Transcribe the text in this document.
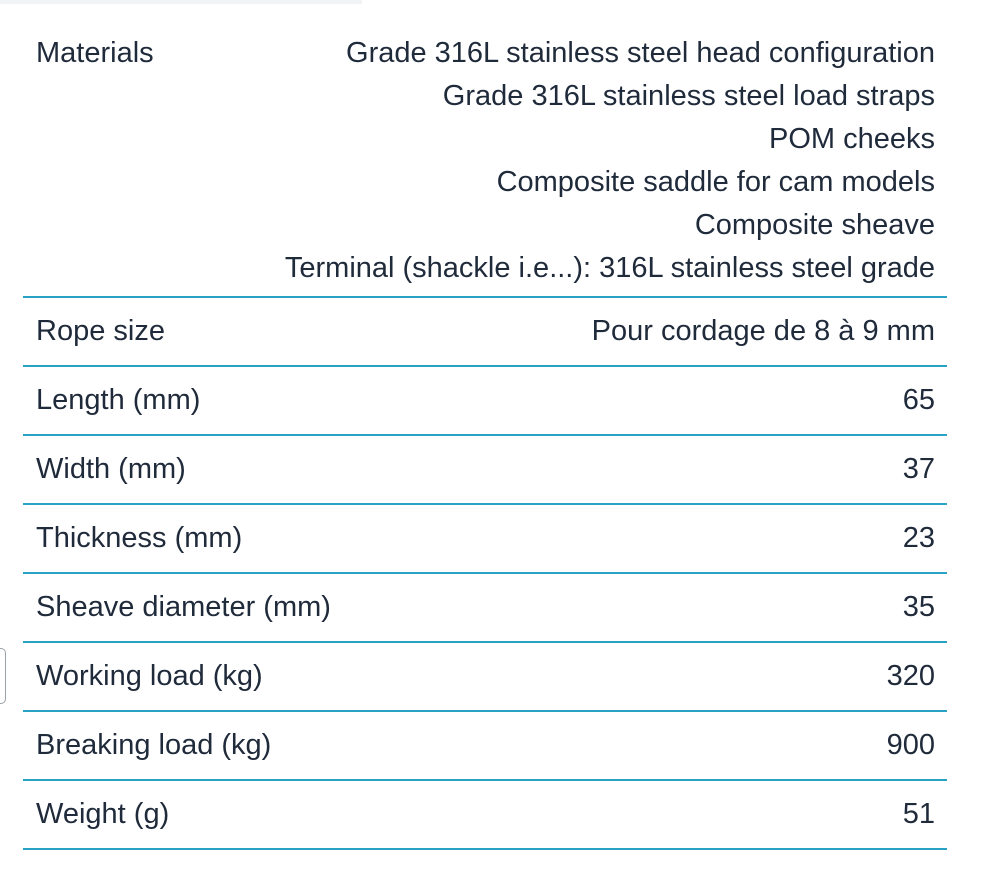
Materials	Grade 316L stainless steel head configuration
Grade 316L stainless steel load straps
POM cheeks
Composite saddle for cam models
Composite sheave
Terminal (shackle i.e...): 316L stainless steel grade
Rope size	Pour cordage de 8 à 9 mm
Length (mm)	65
Width (mm)	37
Thickness (mm)	23
Sheave diameter (mm)	35
Working load (kg)	320
Breaking load (kg)	900
Weight (g)	51
